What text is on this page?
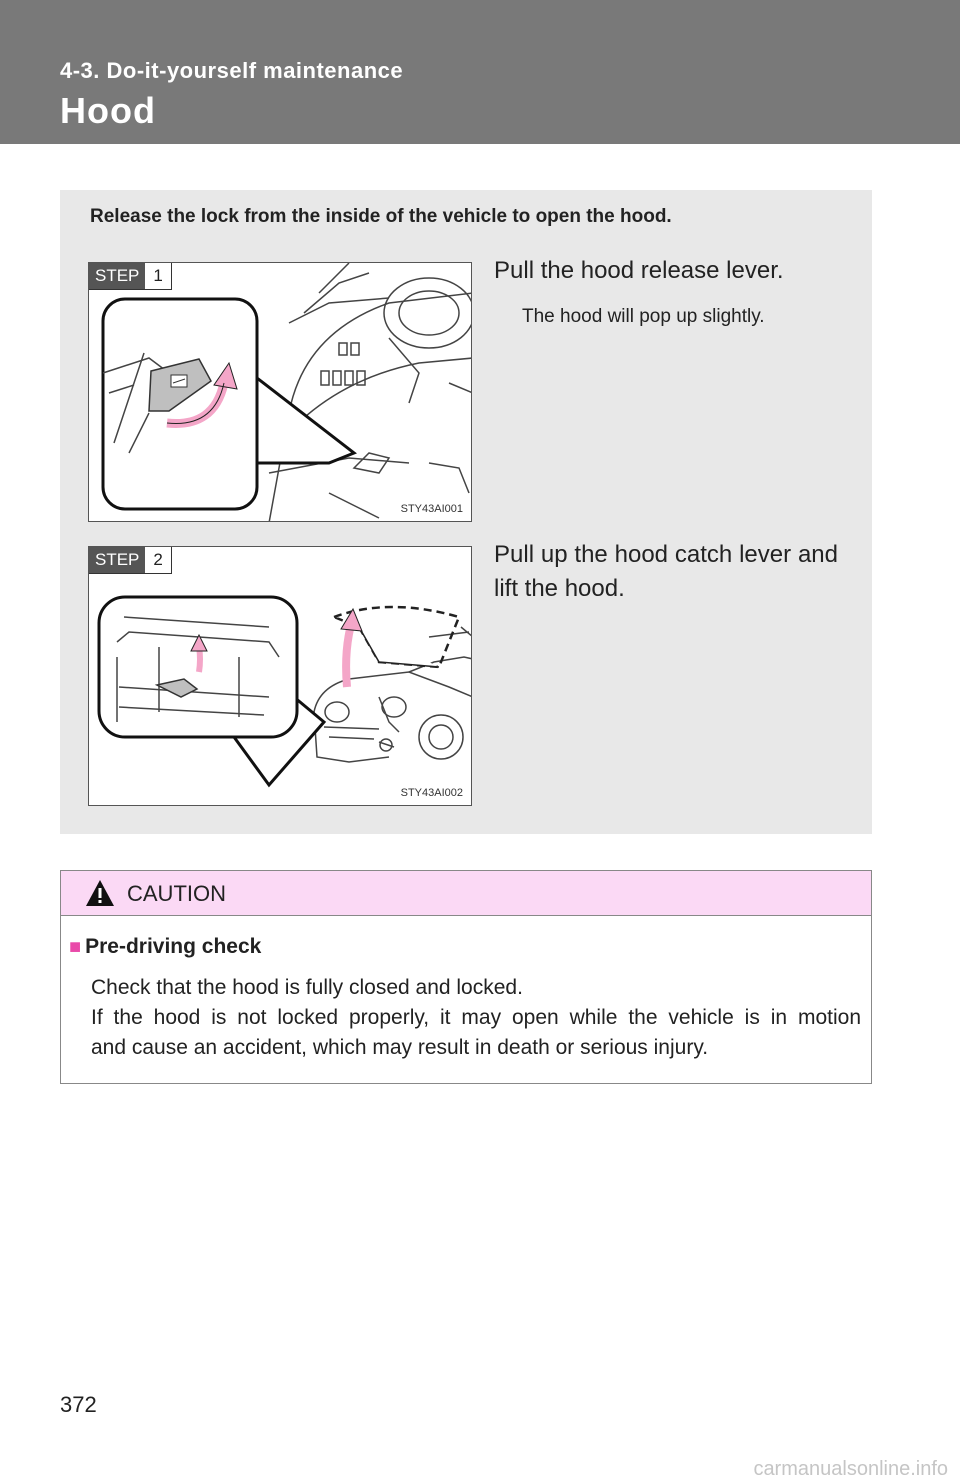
4-3. Do-it-yourself maintenance
Hood
Release the lock from the inside of the vehicle to open the hood.
STEP 1
STY43AI001
Pull the hood release lever.
The hood will pop up slightly.
STEP 2
STY43AI002
Pull up the hood catch lever and lift the hood.
CAUTION
■ Pre-driving check
Check that the hood is fully closed and locked.
If the hood is not locked properly, it may open while the vehicle is in motion
and cause an accident, which may result in death or serious injury.
372
carmanualsonline.info
